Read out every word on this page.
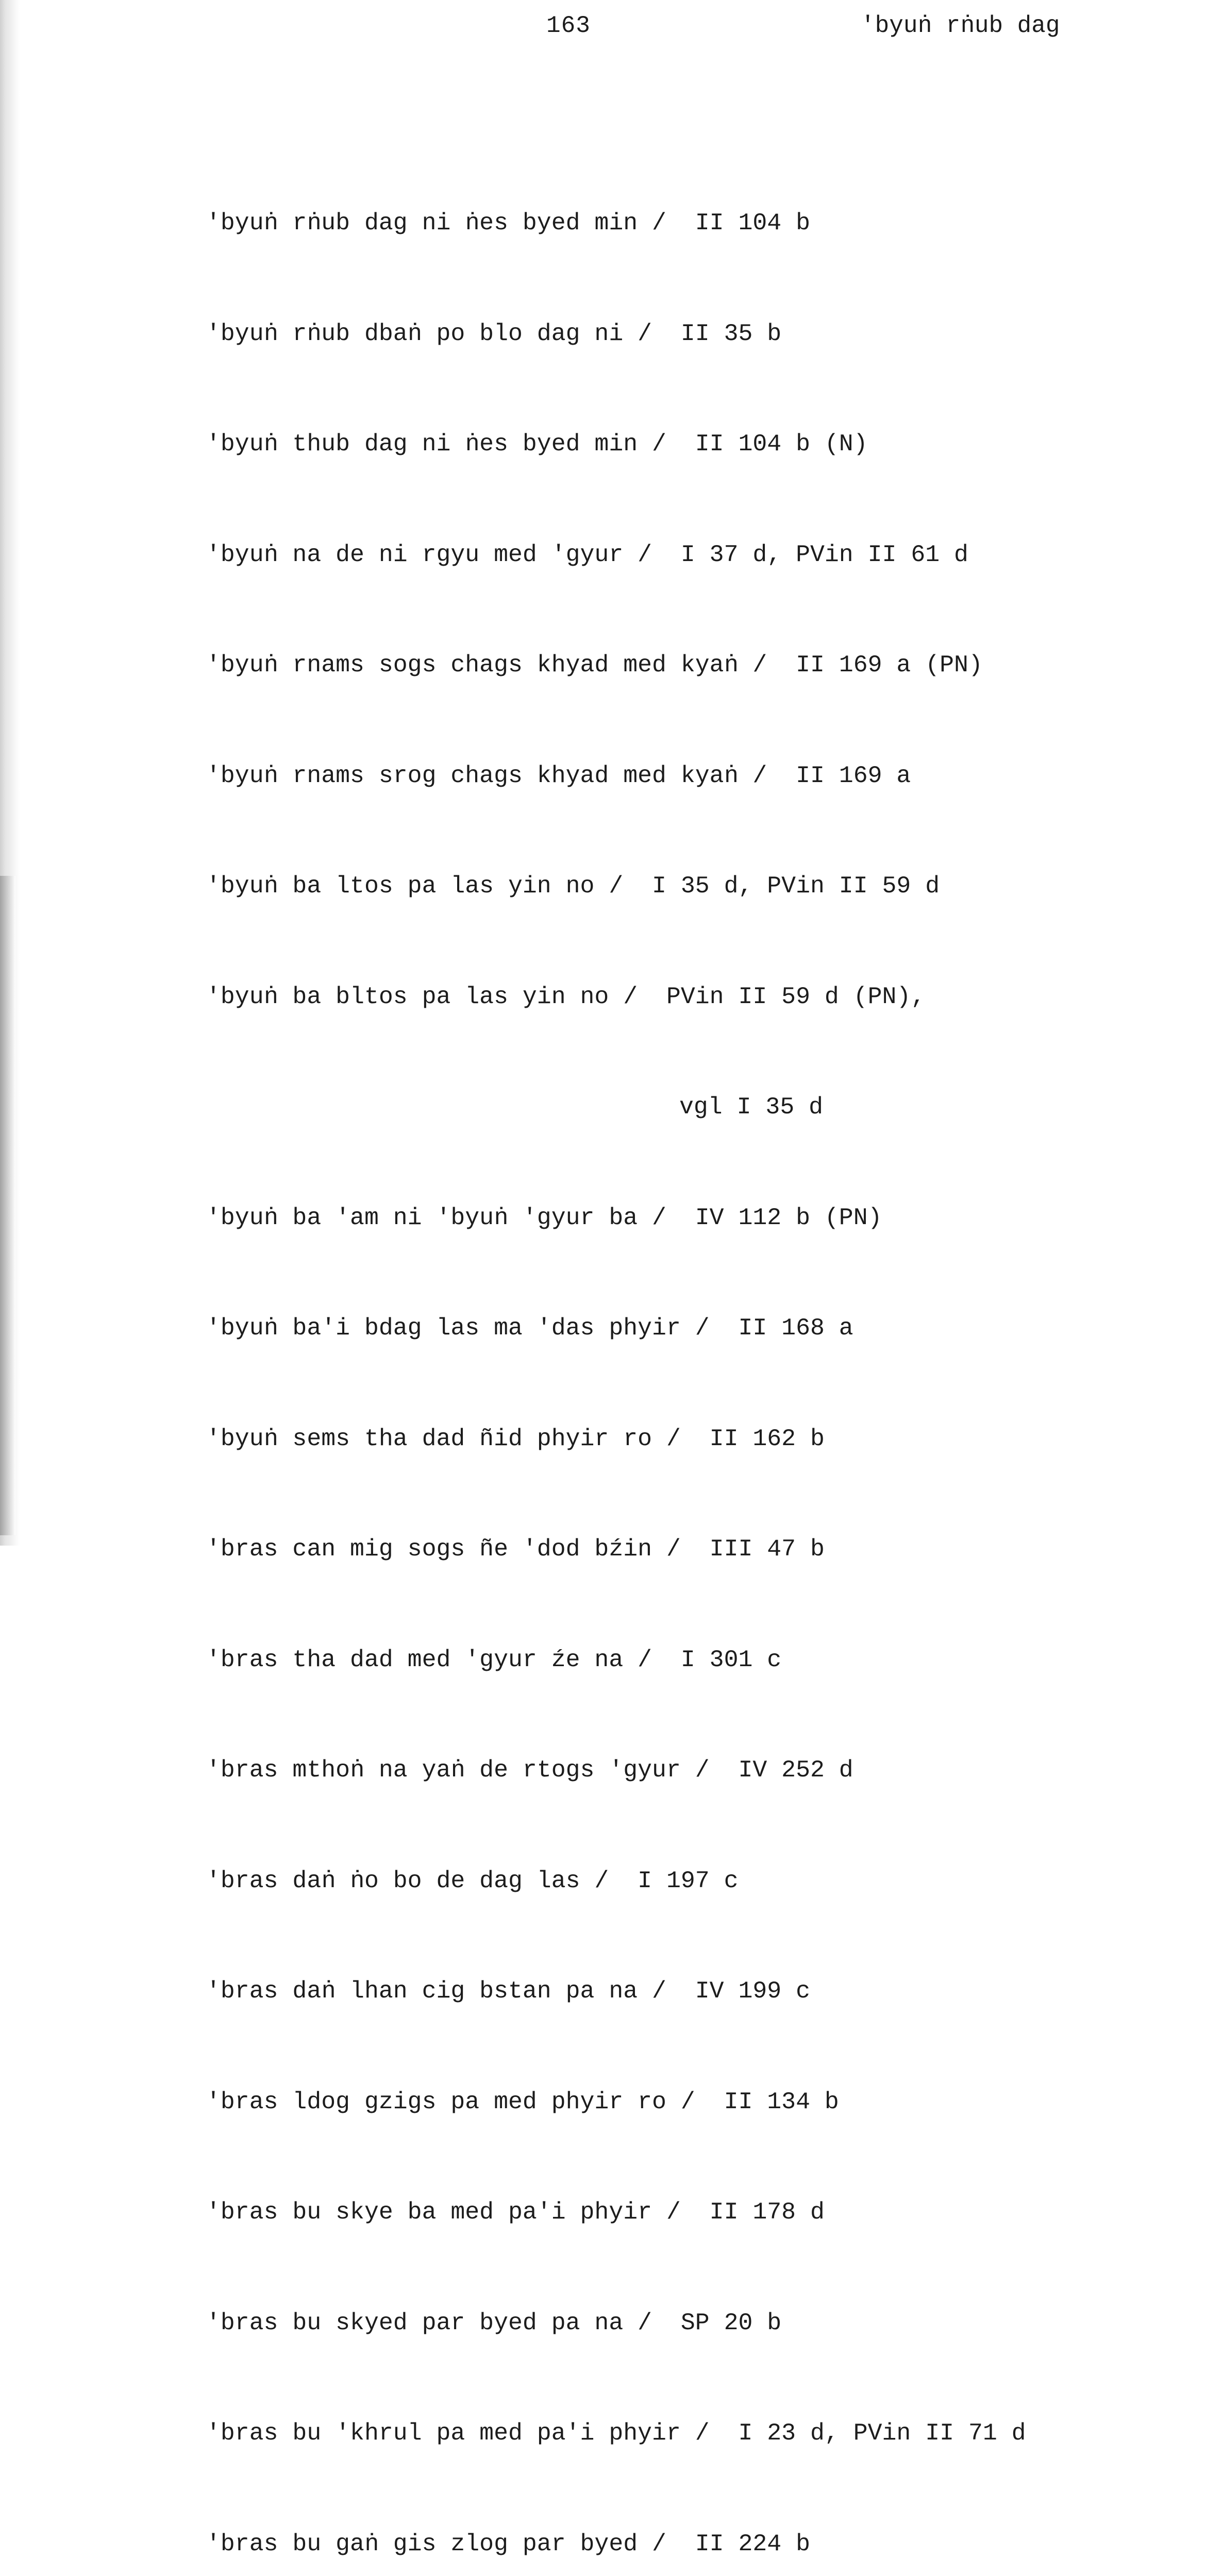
163	'byuṅ rṅub dag

'byuṅ rṅub dag ni ṅes byed min /  II 104 b

'byuṅ rṅub dbaṅ po blo dag ni /  II 35 b

'byuṅ thub dag ni ṅes byed min /  II 104 b (N)

'byuṅ na de ni rgyu med 'gyur /  I 37 d, PVin II 61 d

'byuṅ rnams sogs chags khyad med kyaṅ /  II 169 a (PN)

'byuṅ rnams srog chags khyad med kyaṅ /  II 169 a

'byuṅ ba ltos pa las yin no /  I 35 d, PVin II 59 d

'byuṅ ba bltos pa las yin no /  PVin II 59 d (PN),

vgl I 35 d

'byuṅ ba 'am ni 'byuṅ 'gyur ba /  IV 112 b (PN)

'byuṅ ba'i bdag las ma 'das phyir /  II 168 a

'byuṅ sems tha dad ñid phyir ro /  II 162 b

'bras can mig sogs ñe 'dod bźin /  III 47 b

'bras tha dad med 'gyur źe na /  I 301 c

'bras mthoṅ na yaṅ de rtogs 'gyur /  IV 252 d

'bras daṅ ṅo bo de dag las /  I 197 c

'bras daṅ lhan cig bstan pa na /  IV 199 c

'bras ldog gzigs pa med phyir ro /  II 134 b

'bras bu skye ba med pa'i phyir /  II 178 d

'bras bu skyed par byed pa na /  SP 20 b

'bras bu 'khrul pa med pa'i phyir /  I 23 d, PVin II 71 d

'bras bu gaṅ gis zlog par byed /  II 224 b
